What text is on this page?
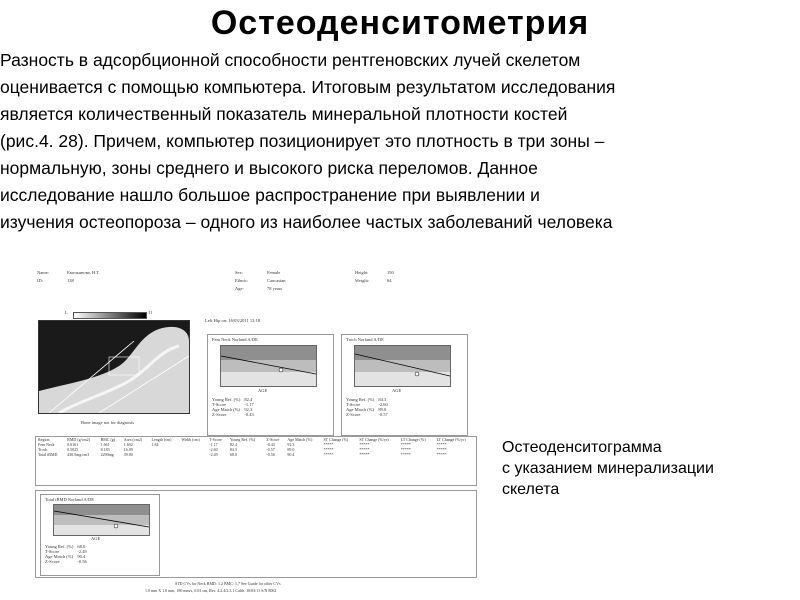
Остеоденситометрия
Разность в адсорбционной способности рентгеновских лучей скелетом
оценивается с помощью компьютера. Итоговым результатом исследования
является количественный показатель минеральной плотности костей
(рис.4. 28). Причем, компьютер позиционирует это плотность в три зоны –
нормальную, зоны среднего и высокого риска переломов. Данное
исследование нашло большое распространение при выявлении и
изучения остеопороза – одного из наиболее частых заболеваний человека
Name:	Емельянова, Н.Т.
ID:	138
Sex:	Female
Ethnic:	Caucasian
Age:	78 years
Height:	150
Weight:	64
L	11
Bone image not for diagnosis
Left Hip on: 16/03/2011 12:18
Fem Neck Norland A/DE
AGE
Young Ref. (%)	82.4
T-Score	-1.17
Age Match (%)	92.3
Z-Score	-0.43
Troch Norland A/DE
AGE
Young Ref. (%)	84.3
T-Score	-2.60
Age Match (%)	89.0
Z-Score	-0.57
Region	BMD (g/cm2)	BMC (g)	Area (cm2)	Length (cm)	Width (cm)	T-Score	Young Ref. (%)	Z-Score	Age Match (%)	ST Change (%)	ST Change (%/yr)	LT Change (%)	LT Change (%/yr)
Fem Neck	0.6161	1.661	1.692	1.84		-1.17	82.4	-0.43	92.3	*****	*****	*****	*****
Troch	0.5025	8.183	16.09			-2.60	84.3	-0.57	89.0	*****	*****	*****	*****
Total tBMD	430.5mg/cm3	2290mg	39.80			-2.49	68.0	-0.56	90.4	*****	*****	*****	*****
Total tBMD Norland A/DE
AGE
Young Ref. (%)	68.0
T-Score	-2.49
Age Match (%)	90.4
Z-Score	-0.56
STD CVs for Neck BMD: 1.2 BMC: 1.7 See Guide for other CVs
1.0 mm X 1.0 mm, 180 mm/s, 0.03 cm, Rev. 4.2.4/2.3.1 Calib. 10/03/11 S/N 8062
Остеоденситограмма
с указанием минерализации
скелета
